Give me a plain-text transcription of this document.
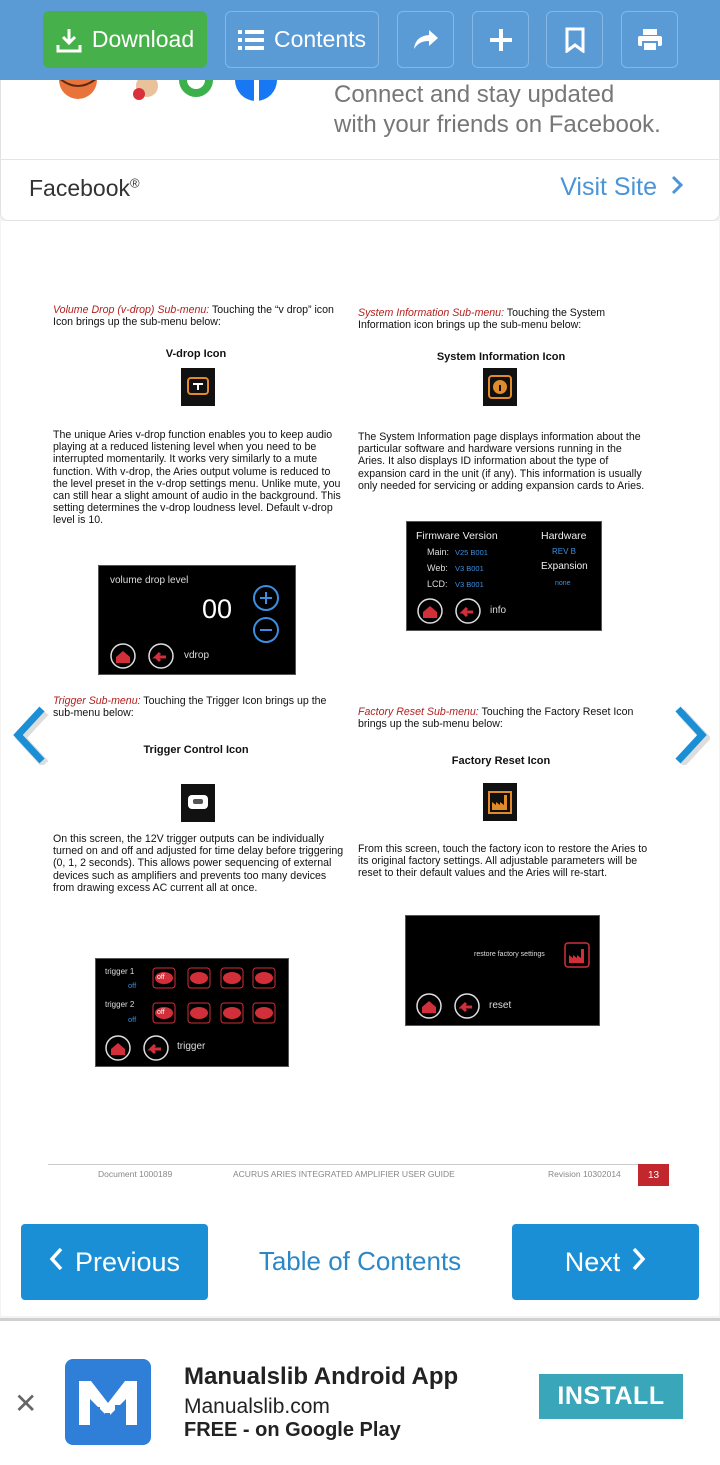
Download	Contents
Connect and stay updated
with your friends on Facebook.
Facebook®	Visit Site
Volume Drop (v-drop) Sub-menu: Touching the “v drop” icon Icon brings up the sub-menu below:
V-drop Icon
The unique Aries v-drop function enables you to keep audio playing at a reduced listening level when you need to be interrupted momentarily. It works very similarly to a mute function. With v-drop, the Aries output volume is reduced to the level preset in the v-drop settings menu. Unlike mute, you can still hear a slight amount of audio in the background. This setting determines the v-drop loudness level. Default v-drop level is 10.
volume drop level
00
vdrop
System Information Sub-menu: Touching the System Information icon brings up the sub-menu below:
System Information Icon
The System Information page displays information about the particular software and hardware versions running in the Aries. It also displays ID information about the type of expansion card in the unit (if any). This information is usually only needed for servicing or adding expansion cards to Aries.
Firmware Version	Hardware
Main: V25 B001
Web: V3 B001
LCD: V3 B001
REV B
Expansion
none
info
Trigger Sub-menu: Touching the Trigger Icon brings up the sub-menu below:
Trigger Control Icon
On this screen, the 12V trigger outputs can be individually turned on and off and adjusted for time delay before triggering (0, 1, 2 seconds). This allows power sequencing of external devices such as amplifiers and prevents too many devices from drawing excess AC current all at once.
trigger 1
off
trigger 2
off
off
off
trigger
Factory Reset Sub-menu: Touching the Factory Reset Icon brings up the sub-menu below:
Factory Reset Icon
From this screen, touch the factory icon to restore the Aries to its original factory settings. All adjustable parameters will be reset to their default values and the Aries will re-start.
restore factory settings
reset
Document 1000189	ACURUS ARIES INTEGRATED AMPLIFIER USER GUIDE	Revision 10302014	13
Previous	Table of Contents	Next
✕
Manualslib Android App
Manualslib.com
FREE - on Google Play
INSTALL
